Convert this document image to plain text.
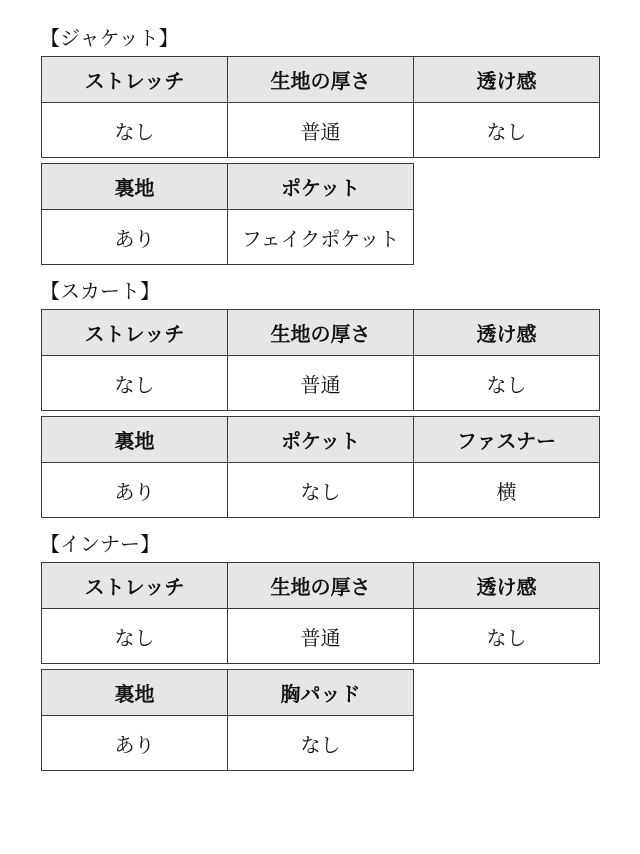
【ジャケット】
ストレッチ	生地の厚さ	透け感
なし	普通	なし
裏地	ポケット
あり	フェイクポケット
【スカート】
ストレッチ	生地の厚さ	透け感
なし	普通	なし
裏地	ポケット	ファスナー
あり	なし	横
【インナー】
ストレッチ	生地の厚さ	透け感
なし	普通	なし
裏地	胸パッド
あり	なし
